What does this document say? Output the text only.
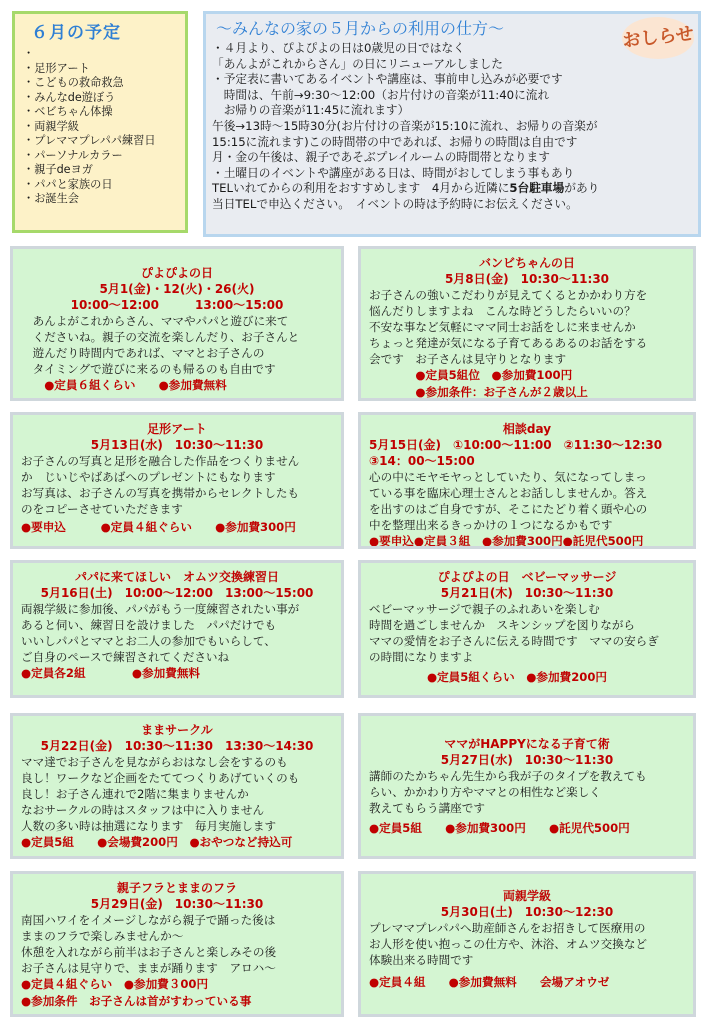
６月の予定
・
・足形アート
・こどもの救命救急
・みんなde遊ぼう
・ベビちゃん体操
・両親学級
・プレママプレパパ練習日
・パーソナルカラー
・親子deヨガ
・パパと家族の日
・お誕生会
～みんなの家の５月からの利用の仕方～

・４月より、ぴよぴよの日は0歳児の日ではなく

「あんよがこれからさん」の日にリニューアルしました

・予定表に書いてあるイベントや講座は、事前申し込みが必要です

　時間は、午前→9:30～12:00（お片付けの音楽が11:40に流れ

　お帰りの音楽が11:45に流れます）

午後→13時～15時30分(お片付けの音楽が15:10に流れ、お帰りの音楽が

15:15に流れます)この時間帯の中であれば、お帰りの時間は自由です

月・金の午後は、親子であそぶプレイルームの時間帯となります

・土曜日のイベントや講座がある日は、時間がおしてしまう事もあり

TELいれてからの利用をおすすめします　4月から近隣に5台駐車場があり

当日TELで申込ください。　イベントの時は予約時にお伝えください。

おしらせ
ぴよぴよの日
5月1(金)・12(火)・26(火)
10:00～12:00　　　13:00～15:00

　あんよがこれからさん、ママやパパと遊びに来て

　くださいね。親子の交流を楽しんだり、お子さんと

　遊んだり時間内であれば、ママとお子さんの

　タイミングで遊びに来るのも帰るのも自由です

　　●定員６組くらい　　●参加費無料
バンビちゃんの日
5月8日(金)　10:30～11:30

お子さんの強いこだわりが見えてくるとかかわり方を

悩んだりしますよね　こんな時どうしたらいいの？

不安な事など気軽にママ同士お話をしに来ませんか

ちょっと発達が気になる子育てあるあるのお話をする

会です　お子さんは見守りとなります

　　　　●定員5組位　●参加費100円
　　　　●参加条件：お子さんが２歳以上
足形アート
5月13日(水)　10:30～11:30

お子さんの写真と足形を融合した作品をつくりません

か　じいじやばあばへのプレゼントにもなります

お写真は、お子さんの写真を携帯からセレクトしたも

のをコピーさせていただきます

●要申込　　　●定員４組ぐらい　　●参加費300円
相談day
5月15日(金)　①10:00～11:00　②11:30～12:30
③14：00～15:00

心の中にモヤモヤっとしていたり、気になってしまっ

ている事を臨床心理士さんとお話ししませんか。答え

を出すのはご自身ですが、そこにたどり着く頭や心の

中を整理出来るきっかけの１つになるかもです

●要申込●定員３組　●参加費300円●託児代500円
パパに来てほしい　オムツ交換練習日
5月16日(土)　10:00～12:00　13:00～15:00

両親学級に参加後、パパがもう一度練習されたい事が

あると伺い、練習日を設けました　パパだけでも

いいしパパとママとお二人の参加でもいらして、

ご自身のペースで練習されてくださいね

●定員各2組　　　　●参加費無料
ぴよぴよの日　ベビーマッサージ
5月21日(木)　10:30～11:30

ベビーマッサージで親子のふれあいを楽しむ

時間を過ごしませんか　スキンシップを図りながら

ママの愛情をお子さんに伝える時間です　ママの安らぎ

の時間になりますよ

　　　　　●定員5組くらい　●参加費200円
ままサークル
5月22日(金)　10:30～11:30　13:30～14:30

ママ達でお子さんを見ながらおはなし会をするのも

良し！ワークなど企画をたててつくりあげていくのも

良し！お子さん連れで2階に集まりませんか

なおサークルの時はスタッフは中に入りません

人数の多い時は抽選になります　毎月実施します

●定員5組　　●会場費200円　●おやつなど持込可
ママがHAPPYになる子育て術
5月27日(水)　10:30～11:30

講師のたかちゃん先生から我が子のタイプを教えても

らい、かかわり方やママとの相性など楽しく

教えてもらう講座です

●定員5組　　●参加費300円　　●託児代500円
親子フラとままのフラ
5月29日(金)　10:30～11:30

南国ハワイをイメージしながら親子で踊った後は

ままのフラで楽しみませんか～

休憩を入れながら前半はお子さんと楽しみその後

お子さんは見守りで、ままが踊ります　アロハ～

●定員４組ぐらい　●参加費３00円
●参加条件　お子さんは首がすわっている事
両親学級
5月30日(土)　10:30～12:30

プレママプレパパへ助産師さんをお招きして医療用の

お人形を使い抱っこの仕方や、沐浴、オムツ交換など

体験出来る時間です

●定員４組　　●参加費無料　　会場アオウゼ
